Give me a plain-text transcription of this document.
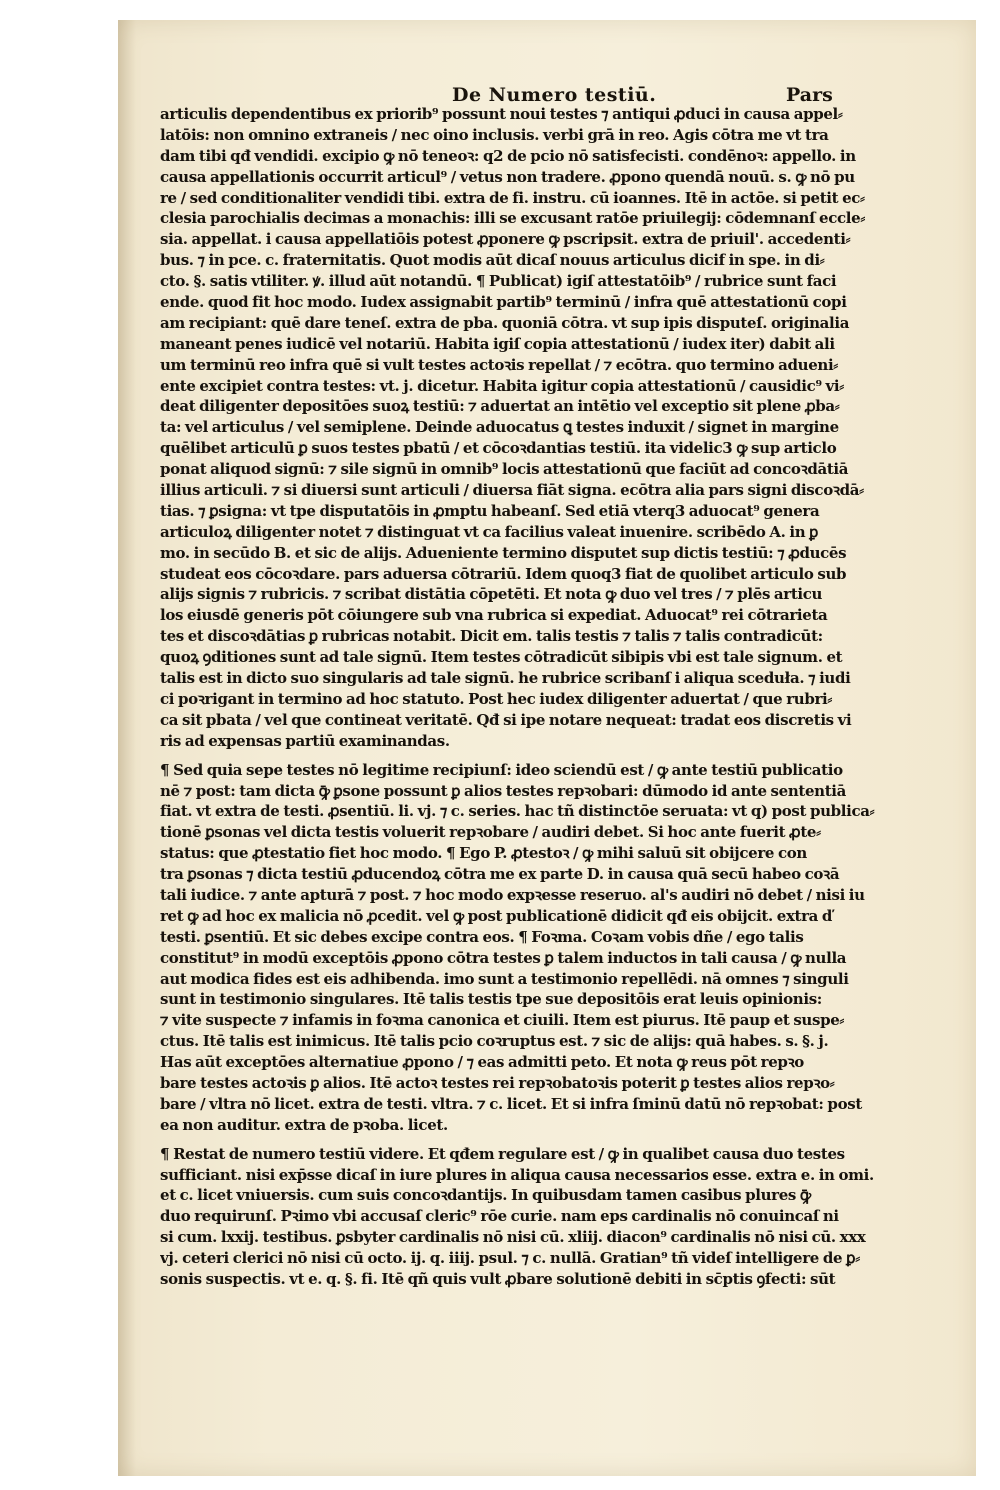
De Numero testiū.	Pars
articulis dependentibus ex priorib⁹ possunt noui testes ⁊ antiqui ꝓduci in causa appel⸗
latōis: non omnino extraneis / nec oino inclusis. verbi grā in reo. Agis cōtra me vt tra
dam tibi qđ vendidi. excipio ꝙ nō teneoꝛ: q2 de pcio nō satisfecisti. condēnoꝛ: appello. in
causa appellationis occurrit articul⁹ / vetus non tradere. ꝓpono quendā nouū. s. ꝙ nō pu
re / sed conditionaliter vendidi tibi. extra de fi. instru. cū ioannes. Itē in actōe. si petit ec⸗
clesia parochialis decimas a monachis: illi se excusant ratōe priuilegij: cōdemnanſ eccle⸗
sia. appellat. i causa appellatiōis potest ꝓponere ꝙ pscripsit. extra de priuil'. accedenti⸗
bus. ⁊ in pce. c. fraternitatis. Quot modis aūt dicaſ nouus articulus dicif in spe. in di⸗
cto. §. satis vtiliter. ꝟ. illud aūt notandū. ¶ Publicat) igiſ attestatōib⁹ / rubrice sunt faci
ende. quod fit hoc modo. Iudex assignabit partib⁹ terminū / infra quē attestationū copi
am recipiant: quē dare teneſ. extra de pba. quoniā cōtra. vt sup ipis disputeſ. originalia
maneant penes iudicē vel notariū. Habita igiſ copia attestationū / iudex iter) dabit ali
um terminū reo infra quē si vult testes actoꝛis repellat / ⁊ ecōtra. quo termino adueni⸗
ente excipiet contra testes: vt. j. dicetur. Habita igitur copia attestationū / causidic⁹ vi⸗
deat diligenter depositōes suoꝝ testiū: ⁊ aduertat an intētio vel exceptio sit plene ꝓba⸗
ta: vel articulus / vel semiplene. Deinde aduocatus ꝗ testes induxit / signet in margine
quēlibet articulū ꝑ suos testes pbatū / et cōcoꝛdantias testiū. ita videlic3 ꝙ sup articlo
ponat aliquod signū: ⁊ sile signū in omnib⁹ locis attestationū que faciūt ad concoꝛdātiā
illius articuli. ⁊ si diuersi sunt articuli / diuersa fiāt signa. ecōtra alia pars signi discoꝛdā⸗
tias. ⁊ ꝑsigna: vt tpe disputatōis in ꝓmptu habeanſ. Sed etiā vterq3 aduocat⁹ genera
articuloꝝ diligenter notet ⁊ distinguat vt ca facilius valeat inuenire. scribēdo A. in ꝑ
mo. in secūdo B. et sic de alijs. Adueniente termino disputet sup dictis testiū: ⁊ ꝓducēs
studeat eos cōcoꝛdare. pars aduersa cōtrariū. Idem quoq3 fiat de quolibet articulo sub
alijs signis ⁊ rubricis. ⁊ scribat distātia cōpetēti. Et nota ꝙ duo vel tres / ⁊ plēs articu
los eiusdē generis pōt cōiungere sub vna rubrica si expediat. Aduocat⁹ rei cōtrarieta
tes et discoꝛdātias ꝑ rubricas notabit. Dicit em. talis testis ⁊ talis ⁊ talis contradicūt:
quoꝝ ꝯditiones sunt ad tale signū. Item testes cōtradicūt sibipis vbi est tale signum. et
talis est in dicto suo singularis ad tale signū. he rubrice scribanſ i aliqua sceduła. ⁊ iudi
ci poꝛrigant in termino ad hoc statuto. Post hec iudex diligenter aduertat / que rubri⸗
ca sit pbata / vel que contineat veritatē. Qđ si ipe notare nequeat: tradat eos discretis vi
ris ad expensas partiū examinandas.
¶ Sed quia sepe testes nō legitime recipiunſ: ideo sciendū est / ꝙ ante testiū publicatio
nē ⁊ post: tam dicta ꝙ̄ ꝑsone possunt ꝑ alios testes repꝛobari: dūmodo id ante sententiā
fiat. vt extra de testi. ꝓsentiū. li. vj. ⁊ c. series. hac tñ distinctōe seruata: vt q) post publica⸗
tionē ꝑsonas vel dicta testis voluerit repꝛobare / audiri debet. Si hoc ante fuerit ꝓte⸗
status: que ꝓtestatio fiet hoc modo. ¶ Ego P. ꝓtestoꝛ / ꝙ mihi saluū sit obijcere con
tra ꝑsonas ⁊ dicta testiū ꝓducendoꝝ cōtra me ex parte D. in causa quā secū habeo coꝛā
tali iudice. ⁊ ante apturā ⁊ post. ⁊ hoc modo expꝛesse reseruo. al's audiri nō debet / nisi iu
ret ꝙ ad hoc ex malicia nō ꝓcedit. vel ꝙ post publicationē didicit qđ eis obijcit. extra ď
testi. ꝑsentiū. Et sic debes excipe contra eos. ¶ Foꝛma. Coꝛam vobis dñe / ego talis
constitut⁹ in modū exceptōis ꝓpono cōtra testes ꝑ talem inductos in tali causa / ꝙ nulla
aut modica fides est eis adhibenda. imo sunt a testimonio repellēdi. nā omnes ⁊ singuli
sunt in testimonio singulares. Itē talis testis tpe sue depositōis erat leuis opinionis:
⁊ vite suspecte ⁊ infamis in foꝛma canonica et ciuili. Item est piurus. Itē paup et suspe⸗
ctus. Itē talis est inimicus. Itē talis pcio coꝛruptus est. ⁊ sic de alijs: quā habes. s. §. j.
Has aūt exceptōes alternatiue ꝓpono / ⁊ eas admitti peto. Et nota ꝙ reus pōt repꝛo
bare testes actoꝛis ꝑ alios. Itē actoꝛ testes rei repꝛobatoꝛis poterit ꝑ testes alios repꝛo⸗
bare / vltra nō licet. extra de testi. vltra. ⁊ c. licet. Et si infra ſminū datū nō repꝛobat: post
ea non auditur. extra de pꝛoba. licet.
¶ Restat de numero testiū videre. Et qđem regulare est / ꝙ in qualibet causa duo testes
sufficiant. nisi exp̄sse dicaſ in iure plures in aliqua causa necessarios esse. extra e. in omi.
et c. licet vniuersis. cum suis concoꝛdantijs. In quibusdam tamen casibus plures ꝙ̄
duo requirunſ. Pꝛimo vbi accusaſ cleric⁹ rōe curie. nam eps cardinalis nō conuincaſ ni
si cum. lxxij. testibus. ꝑsbyter cardinalis nō nisi cū. xliij. diacon⁹ cardinalis nō nisi cū. xxx
vj. ceteri clerici nō nisi cū octo. ij. q. iiij. psul. ⁊ c. nullā. Gratian⁹ tñ videſ intelligere de ꝑ⸗
sonis suspectis. vt e. q. §. fi. Itē qñ quis vult ꝓbare solutionē debiti in sc̄ptis ꝯfecti: sūt
